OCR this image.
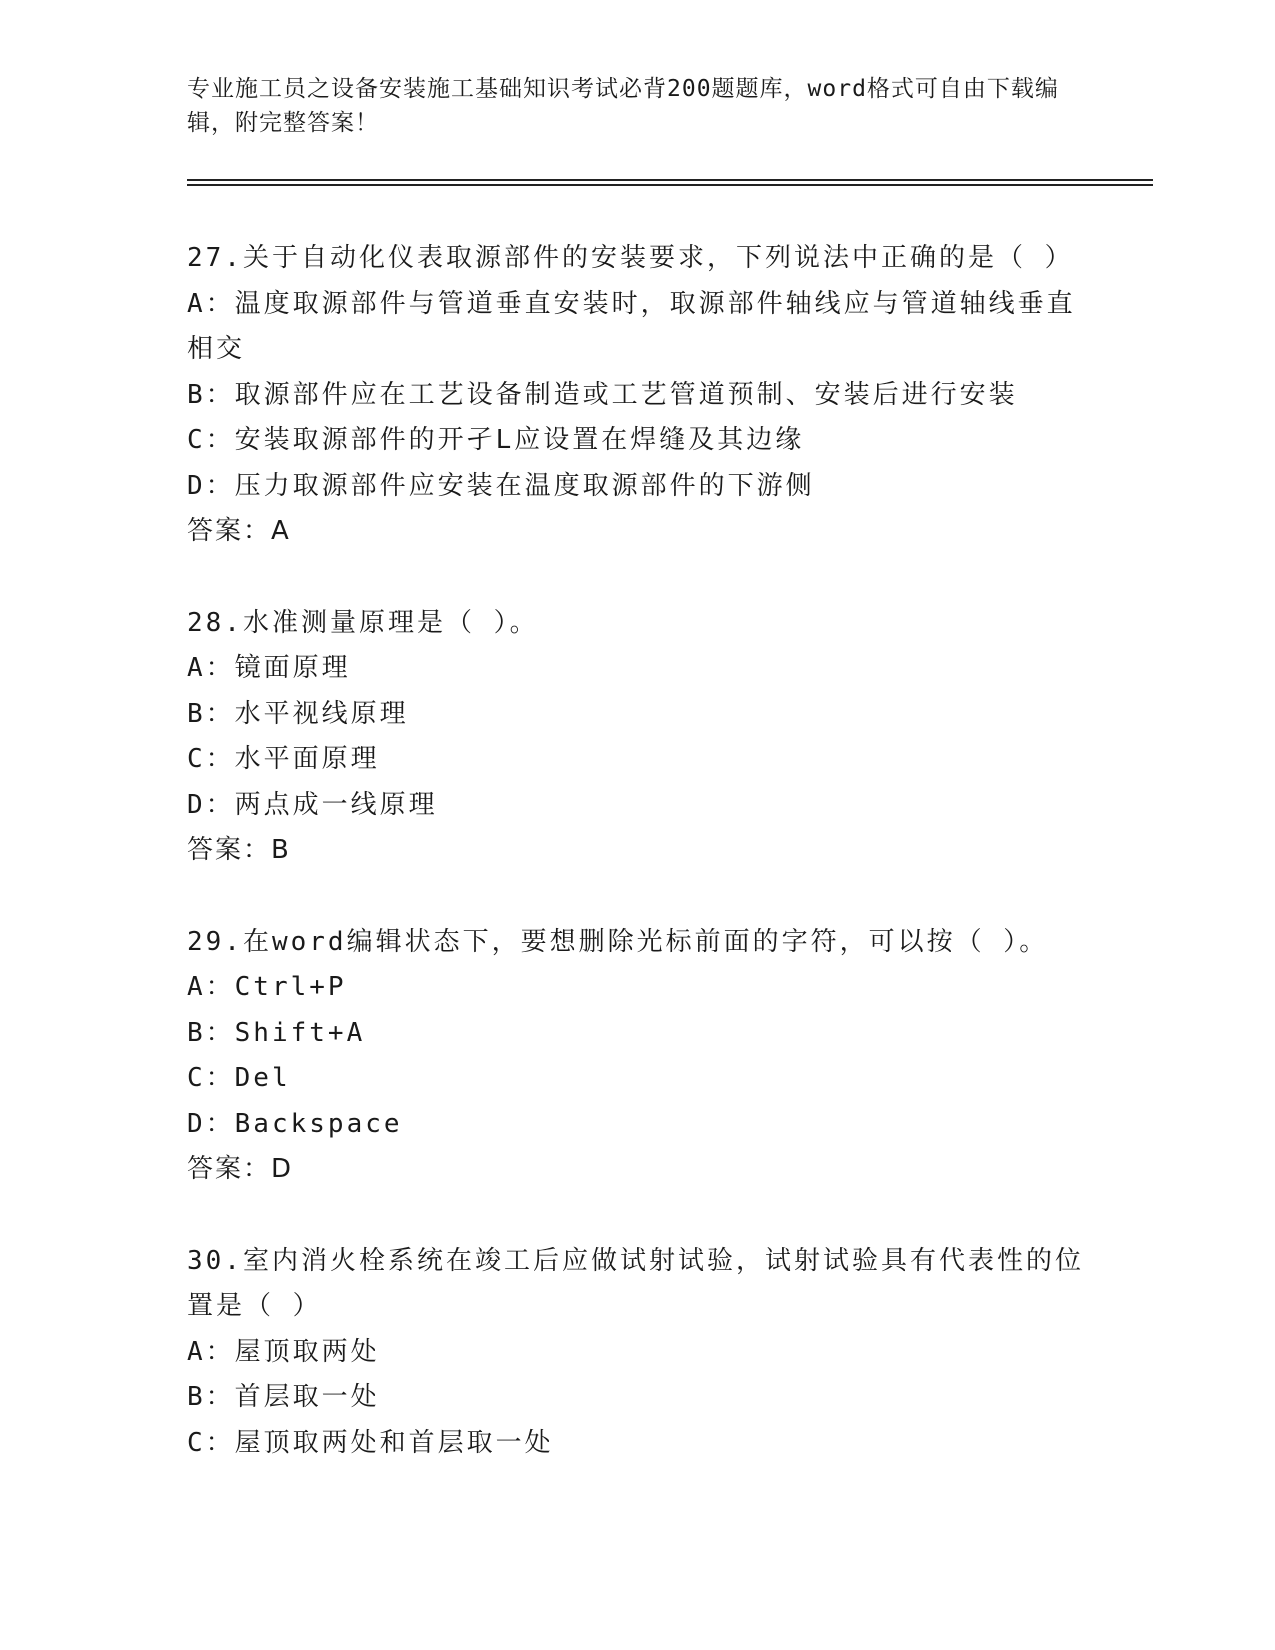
专业施工员之设备安装施工基础知识考试必背200题题库，word格式可自由下载编辑，附完整答案！
27.关于自动化仪表取源部件的安装要求，下列说法中正确的是（ ）
A：温度取源部件与管道垂直安装时，取源部件轴线应与管道轴线垂直相交
B：取源部件应在工艺设备制造或工艺管道预制、安装后进行安装
C：安装取源部件的开孑L应设置在焊缝及其边缘
D：压力取源部件应安装在温度取源部件的下游侧
答案：A
28.水准测量原理是（ ）。
A：镜面原理
B：水平视线原理
C：水平面原理
D：两点成一线原理
答案：B
29.在word编辑状态下，要想删除光标前面的字符，可以按（ ）。
A：Ctrl+P
B：Shift+A
C：Del
D：Backspace
答案：D
30.室内消火栓系统在竣工后应做试射试验，试射试验具有代表性的位置是（ ）
A：屋顶取两处
B：首层取一处
C：屋顶取两处和首层取一处
